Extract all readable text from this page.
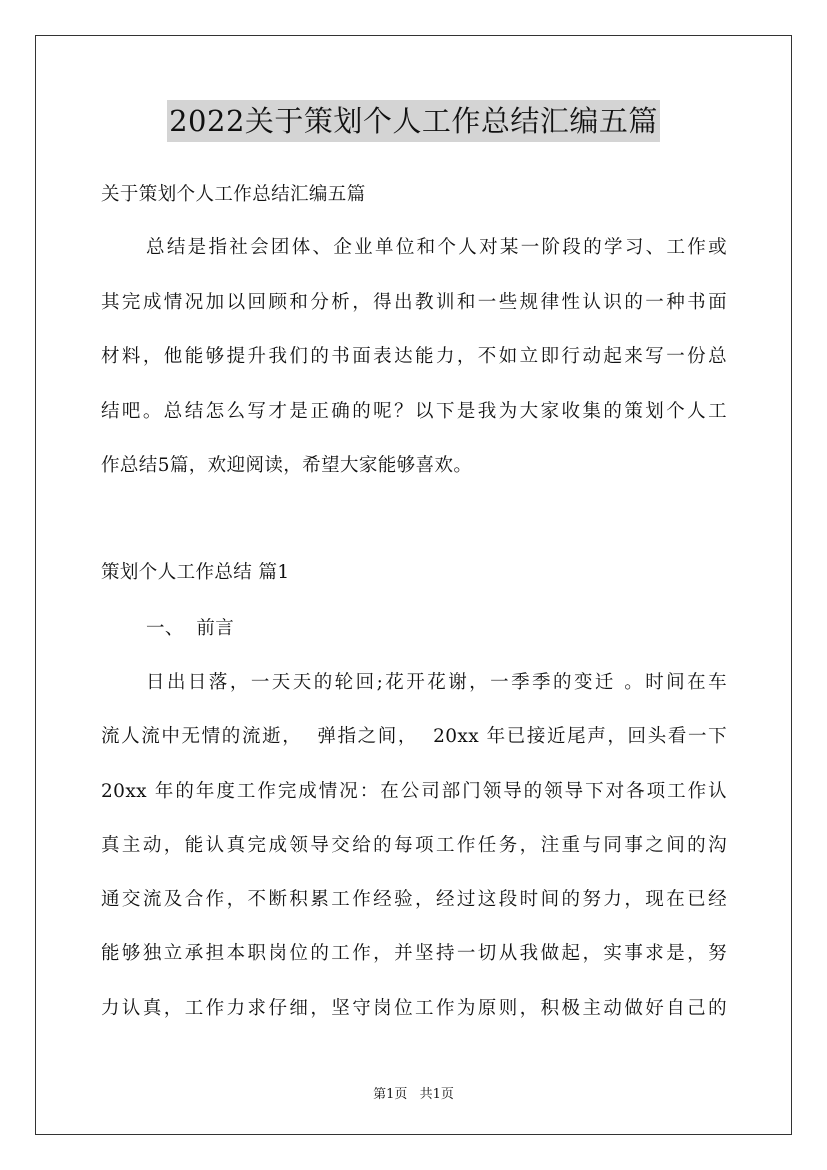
2022关于策划个人工作总结汇编五篇
关于策划个人工作总结汇编五篇
总结是指社会团体、企业单位和个人对某一阶段的学习、工作或
其完成情况加以回顾和分析，得出教训和一些规律性认识的一种书面
材料，他能够提升我们的书面表达能力，不如立即行动起来写一份总
结吧。总结怎么写才是正确的呢？以下是我为大家收集的策划个人工
作总结5篇，欢迎阅读，希望大家能够喜欢。
策划个人工作总结 篇1
一、  前言
日出日落，一天天的轮回;花开花谢，一季季的变迁 。时间在车
流人流中无情的流逝，  弹指之间，  20xx 年已接近尾声，回头看一下
20xx 年的年度工作完成情况：在公司部门领导的领导下对各项工作认
真主动，能认真完成领导交给的每项工作任务，注重与同事之间的沟
通交流及合作，不断积累工作经验，经过这段时间的努力，现在已经
能够独立承担本职岗位的工作，并坚持一切从我做起，实事求是，努
力认真，工作力求仔细，坚守岗位工作为原则，积极主动做好自己的
第1页 共1页
